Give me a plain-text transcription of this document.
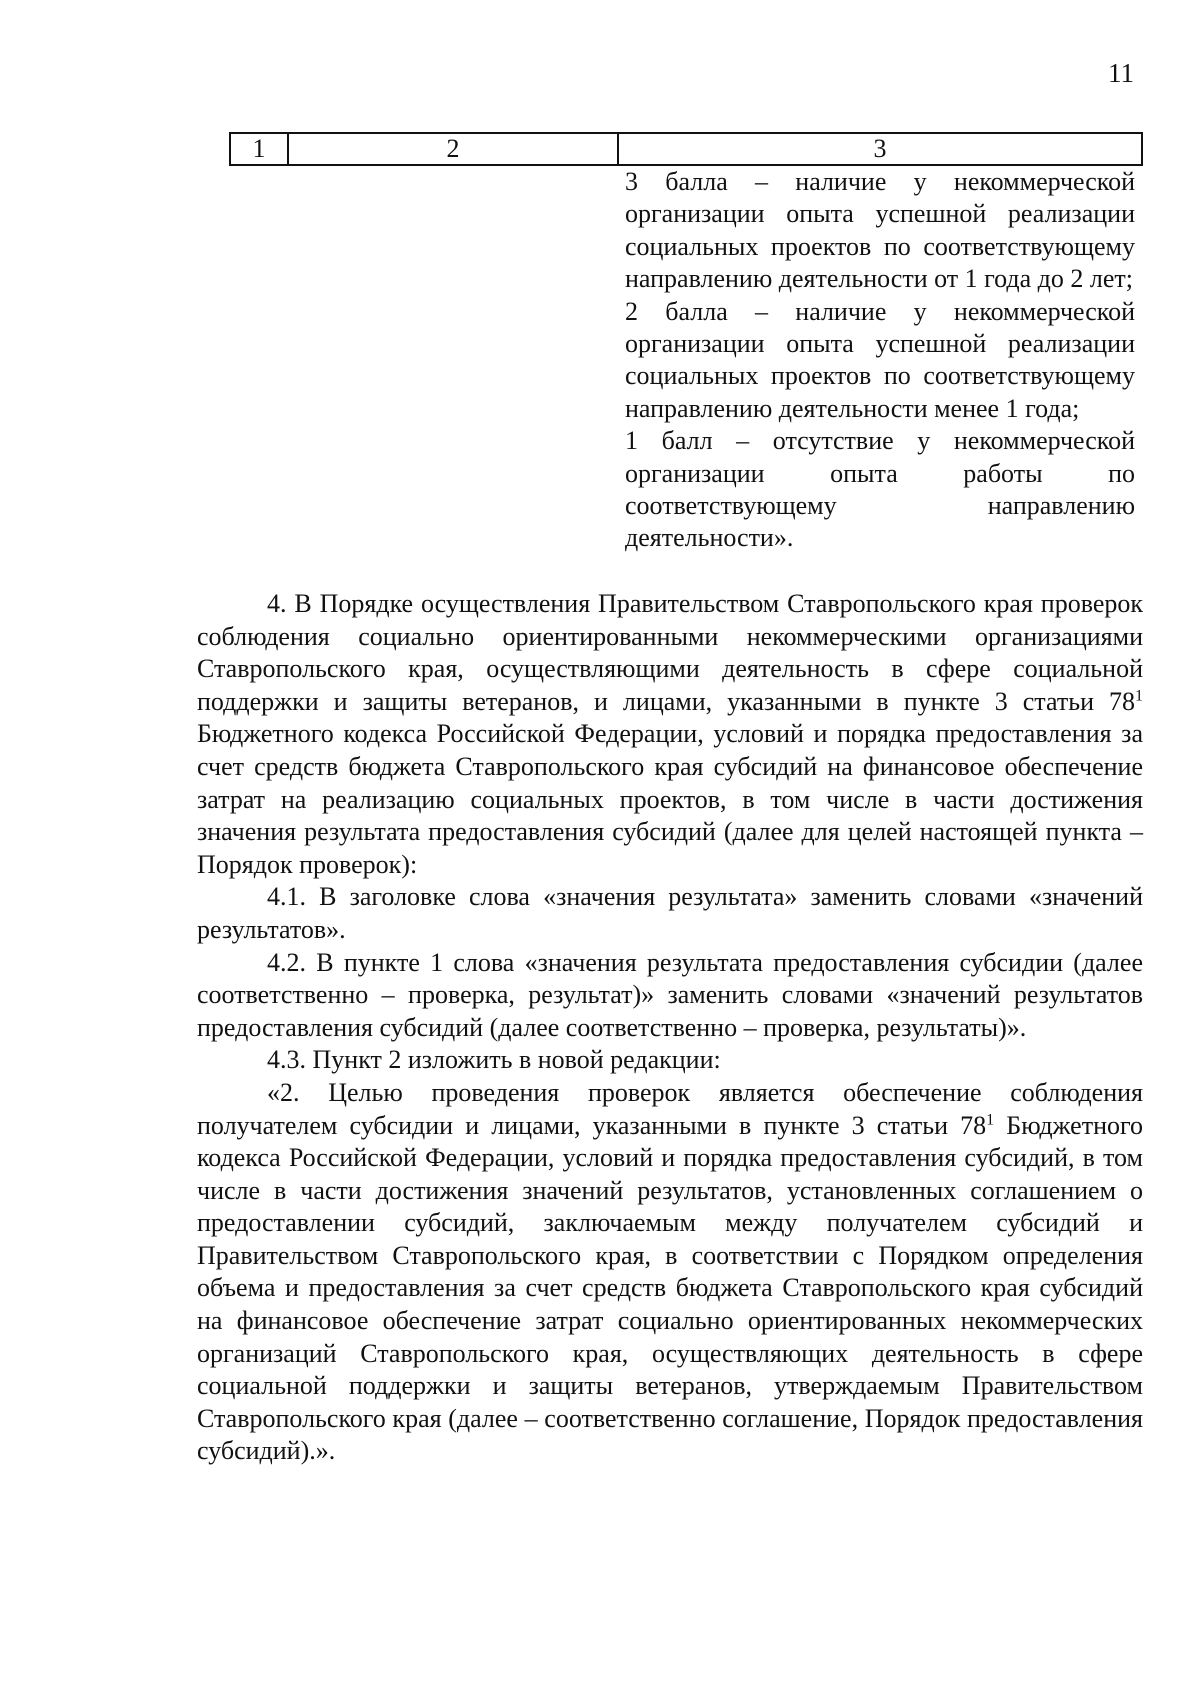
11
1	2	3

3 балла – наличие у некоммерческой организации опыта успешной реализации социальных проектов по соответствующему направлению деятельности от 1 года до 2 лет;

2 балла – наличие у некоммерческой организации опыта успешной реализации социальных проектов по соответствующему направлению деятельности менее 1 года;

1 балл – отсутствие у некоммерческой организации опыта работы по соответствующему направлению деятельности».

4. В Порядке осуществления Правительством Ставропольского края проверок соблюдения социально ориентированными некоммерческими организациями Ставропольского края, осуществляющими деятельность в сфере социальной поддержки и защиты ветеранов, и лицами, указанными в пункте 3 статьи $78^1$ Бюджетного кодекса Российской Федерации, условий и порядка предоставления за счет средств бюджета Ставропольского края субсидий на финансовое обеспечение затрат на реализацию социальных проектов, в том числе в части достижения значения результата предоставления субсидий (далее для целей настоящей пункта – Порядок проверок):

4.1. В заголовке слова «значения результата» заменить словами «значений результатов».

4.2. В пункте 1 слова «значения результата предоставления субсидии (далее соответственно – проверка, результат)» заменить словами «значений результатов предоставления субсидий (далее соответственно – проверка, результаты)».

4.3. Пункт 2 изложить в новой редакции:

«2. Целью проведения проверок является обеспечение соблюдения получателем субсидии и лицами, указанными в пункте 3 статьи $78^1$ Бюджетного кодекса Российской Федерации, условий и порядка предоставления субсидий, в том числе в части достижения значений результатов, установленных соглашением о предоставлении субсидий, заключаемым между получателем субсидий и Правительством Ставропольского края, в соответствии с Порядком определения объема и предоставления за счет средств бюджета Ставропольского края субсидий на финансовое обеспечение затрат социально ориентированных некоммерческих организаций Ставропольского края, осуществляющих деятельность в сфере социальной поддержки и защиты ветеранов, утверждаемым Правительством Ставропольского края (далее – соответственно соглашение, Порядок предоставления субсидий).».
